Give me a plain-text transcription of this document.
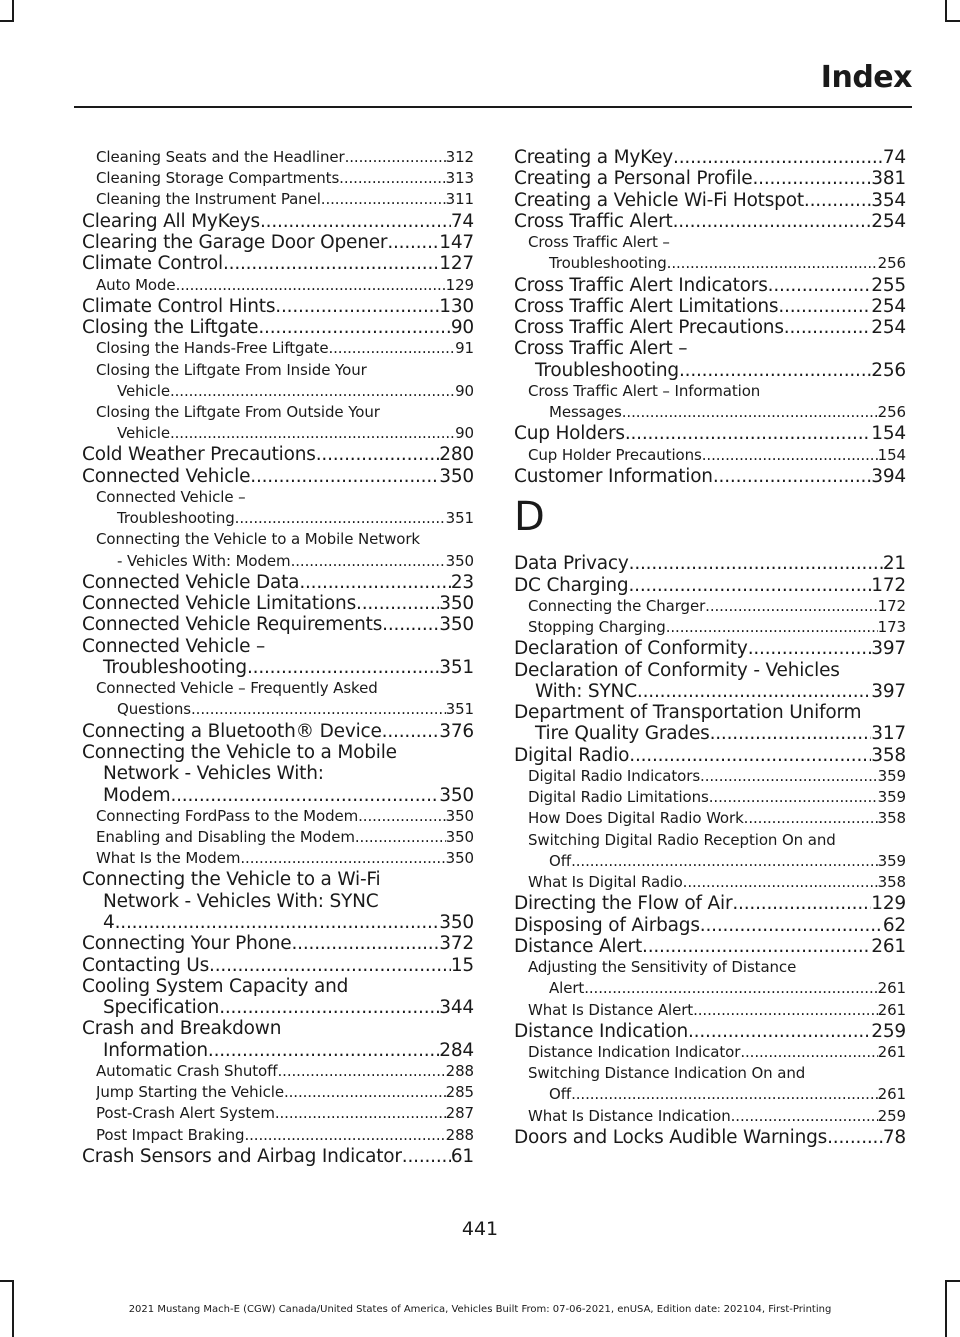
Index
Cleaning Seats and the Headliner .....	312
Cleaning Storage Compartments .....	313
Cleaning the Instrument Panel .....	311
Clearing All MyKeys .....	74
Clearing the Garage Door Opener .....	147
Climate Control .....	127
Auto Mode .....	129
Climate Control Hints .....	130
Closing the Liftgate .....	90
Closing the Hands-Free Liftgate .....	91
Closing the Liftgate From Inside Your
Vehicle .....	90
Closing the Liftgate From Outside Your
Vehicle .....	90
Cold Weather Precautions .....	280
Connected Vehicle .....	350
Connected Vehicle –
Troubleshooting .....	351
Connecting the Vehicle to a Mobile Network
- Vehicles With: Modem .....	350
Connected Vehicle Data .....	23
Connected Vehicle Limitations .....	350
Connected Vehicle Requirements .....	350
Connected Vehicle –
Troubleshooting .....	351
Connected Vehicle – Frequently Asked
Questions .....	351
Connecting a Bluetooth® Device .....	376
Connecting the Vehicle to a Mobile
Network - Vehicles With:
Modem .....	350
Connecting FordPass to the Modem .....	350
Enabling and Disabling the Modem .....	350
What Is the Modem .....	350
Connecting the Vehicle to a Wi-Fi
Network - Vehicles With: SYNC
4 .....	350
Connecting Your Phone .....	372
Contacting Us .....	15
Cooling System Capacity and
Specification .....	344
Crash and Breakdown
Information .....	284
Automatic Crash Shutoff .....	288
Jump Starting the Vehicle .....	285
Post-Crash Alert System .....	287
Post Impact Braking .....	288
Crash Sensors and Airbag Indicator .....	61
Creating a MyKey .....	74
Creating a Personal Profile .....	381
Creating a Vehicle Wi-Fi Hotspot .....	354
Cross Traffic Alert .....	254
Cross Traffic Alert –
Troubleshooting .....	256
Cross Traffic Alert Indicators .....	255
Cross Traffic Alert Limitations .....	254
Cross Traffic Alert Precautions .....	254
Cross Traffic Alert –
Troubleshooting .....	256
Cross Traffic Alert – Information
Messages .....	256
Cup Holders .....	154
Cup Holder Precautions .....	154
Customer Information .....	394
D
Data Privacy .....	21
DC Charging .....	172
Connecting the Charger .....	172
Stopping Charging .....	173
Declaration of Conformity .....	397
Declaration of Conformity - Vehicles
With: SYNC .....	397
Department of Transportation Uniform
Tire Quality Grades .....	317
Digital Radio .....	358
Digital Radio Indicators .....	359
Digital Radio Limitations .....	359
How Does Digital Radio Work .....	358
Switching Digital Radio Reception On and
Off .....	359
What Is Digital Radio .....	358
Directing the Flow of Air .....	129
Disposing of Airbags .....	62
Distance Alert .....	261
Adjusting the Sensitivity of Distance
Alert .....	261
What Is Distance Alert .....	261
Distance Indication .....	259
Distance Indication Indicator .....	261
Switching Distance Indication On and
Off .....	261
What Is Distance Indication .....	259
Doors and Locks Audible Warnings .....	78
441
2021 Mustang Mach-E (CGW) Canada/United States of America, Vehicles Built From: 07-06-2021, enUSA, Edition date: 202104, First-Printing
